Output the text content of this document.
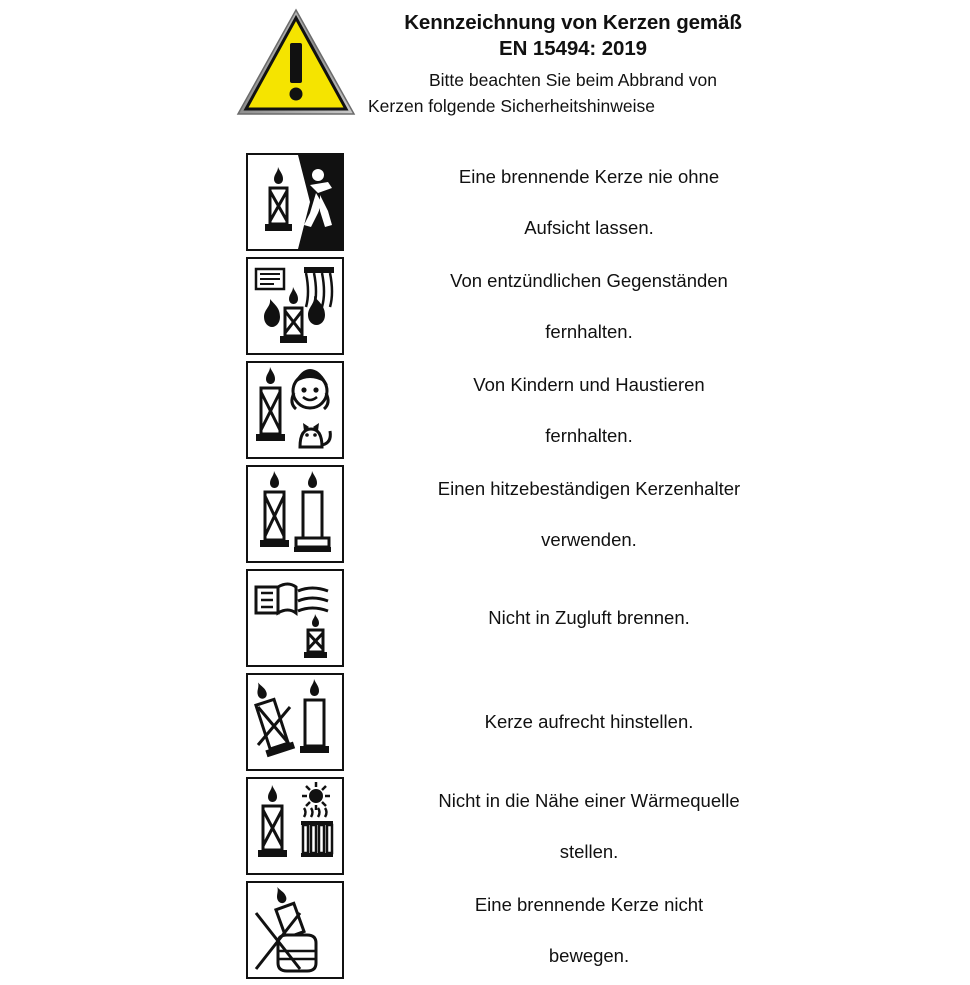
Kennzeichnung von Kerzen gemäß
EN 15494: 2019
Bitte beachten Sie beim Abbrand von

Kerzen folgende Sicherheitshinweise
Eine brennende Kerze nie ohne

Aufsicht lassen.
Von entzündlichen Gegenständen

fernhalten.
Von Kindern und Haustieren

fernhalten.
Einen hitzebeständigen Kerzenhalter

verwenden.
Nicht in Zugluft brennen.
Kerze aufrecht hinstellen.
Nicht in die Nähe einer Wärmequelle

stellen.
Eine brennende Kerze nicht

bewegen.
